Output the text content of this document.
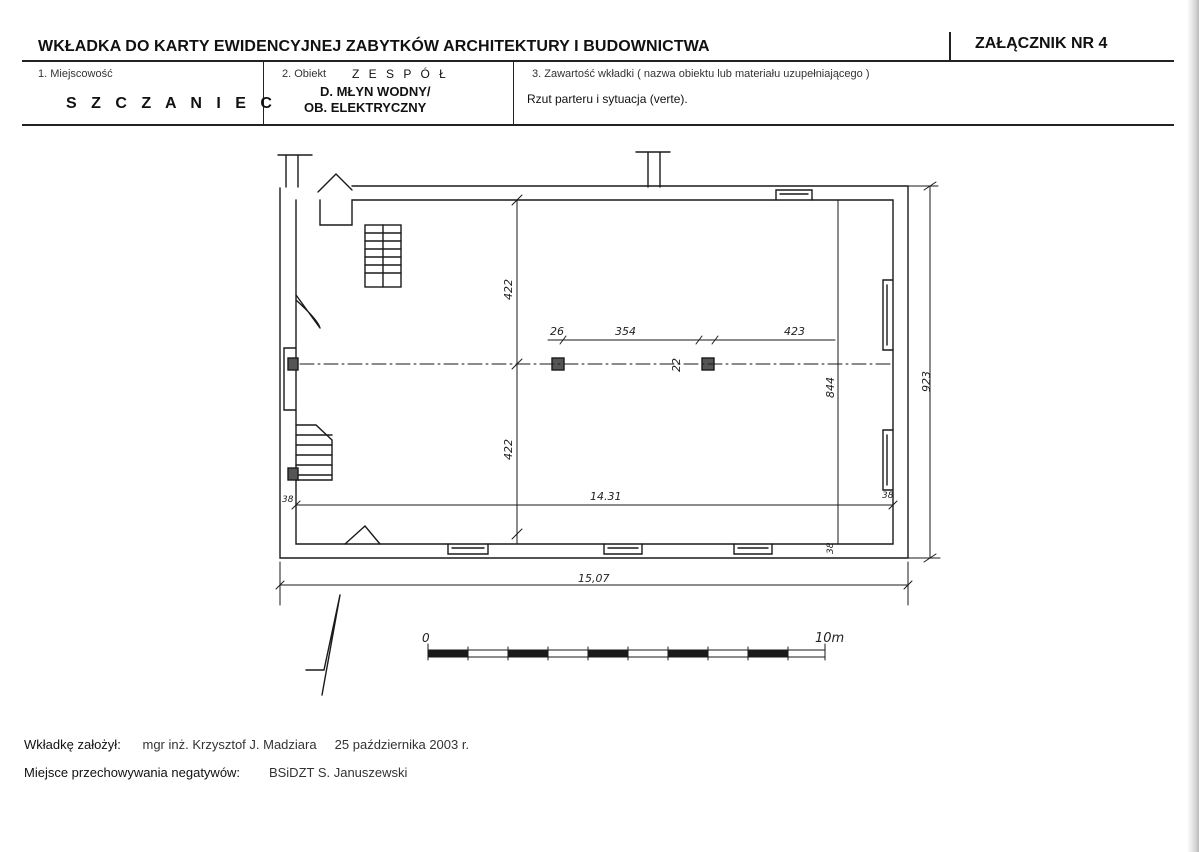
WKŁADKA DO KARTY EWIDENCYJNEJ ZABYTKÓW ARCHITEKTURY I BUDOWNICTWA	ZAŁĄCZNIK NR 4
1. Miejscowość
S Z C Z A N I E C
2. Obiekt Z E S P Ó Ł
D. MŁYN WODNY/
OB. ELEKTRYCZNY
3. Zawartość wkładki ( nazwa obiektu lub materiału uzupełniającego )
Rzut parteru i sytuacja (verte).
422
422
26	354	423
22
844	923
14.31
15,07
38	38
38
0	10m
Wkładkę założył: mgr inż. Krzysztof J. Madziara 25 października 2003 r.
Miejsce przechowywania negatywów: BSiDZT S. Januszewski
